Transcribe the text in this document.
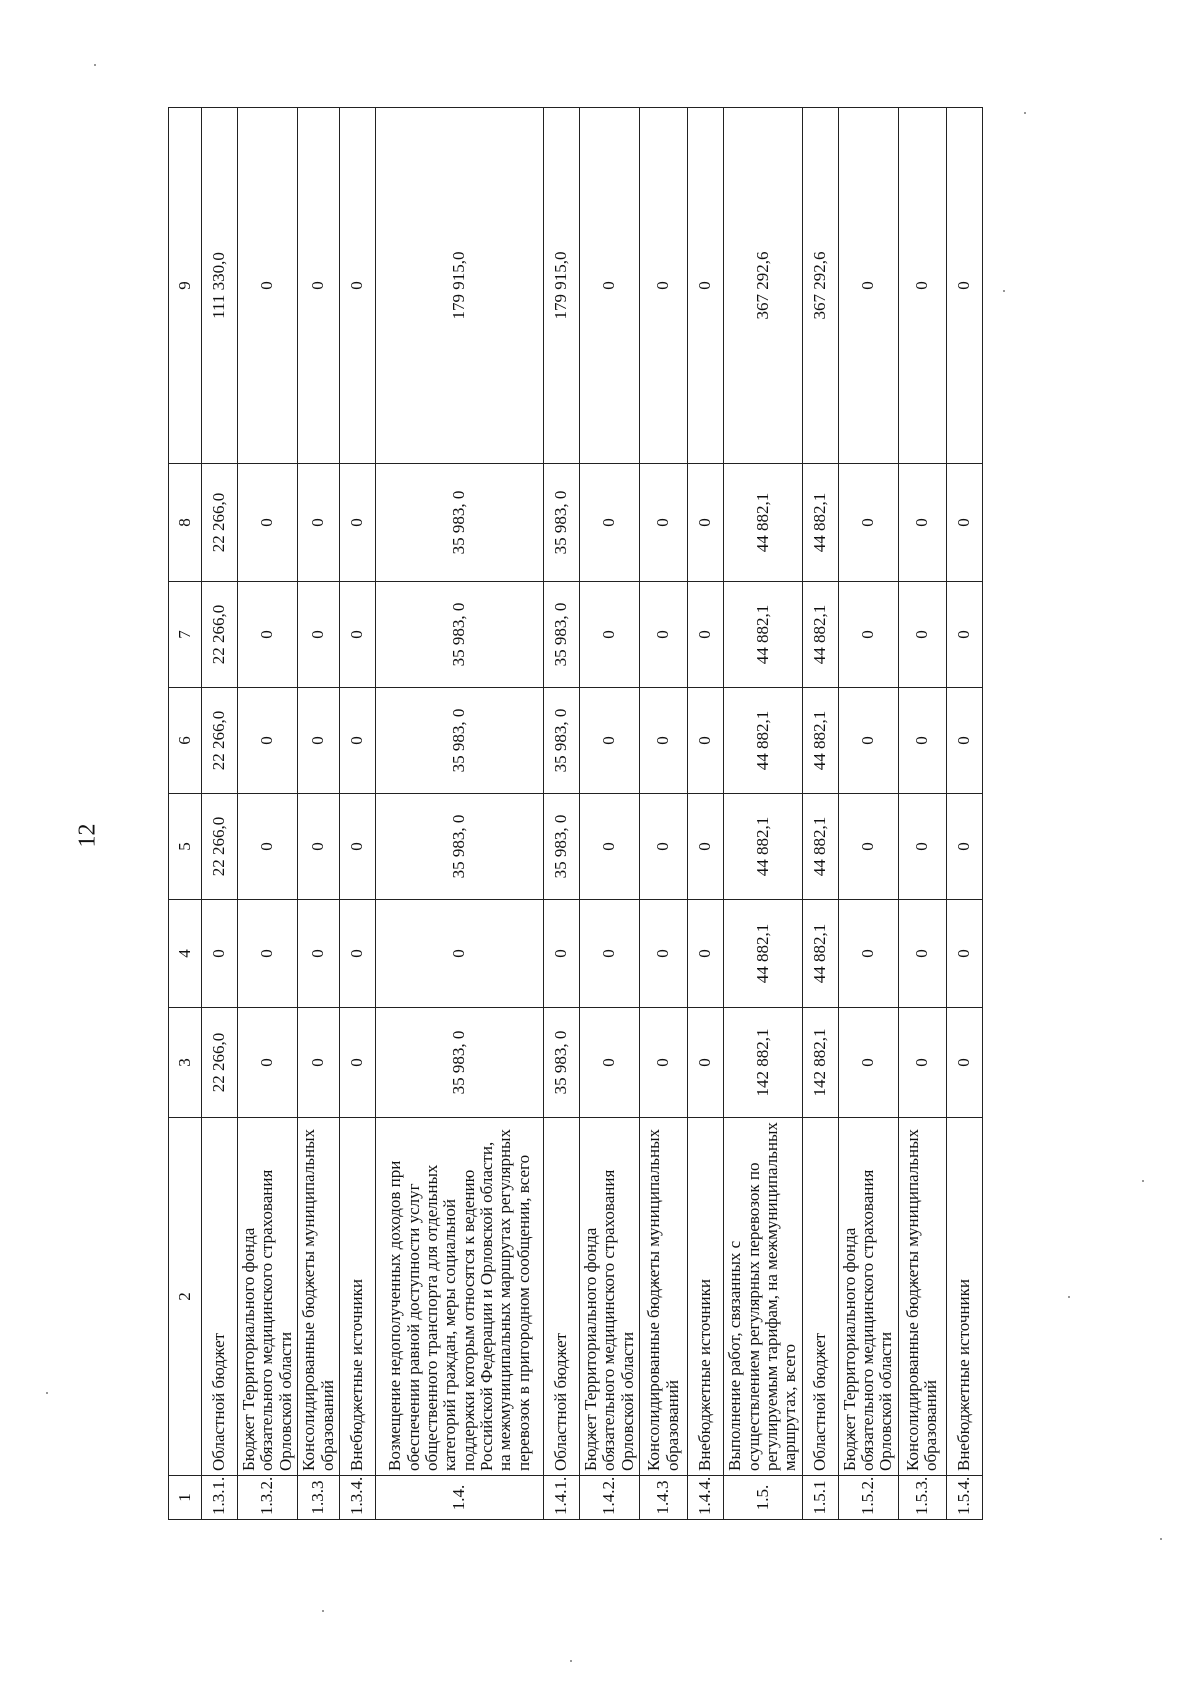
12
1	2	3	4	5	6	7	8	9
1.3.1.	Областной бюджет	22 266,0	0	22 266,0	22 266,0	22 266,0	22 266,0	111 330,0
1.3.2.	Бюджет Территориального фонда обязательного медицинского страхования Орловской области	0	0	0	0	0	0	0
1.3.3	Консолидированные бюджеты муниципальных образований	0	0	0	0	0	0	0
1.3.4.	Внебюджетные источники	0	0	0	0	0	0	0
1.4.	Возмещение недополученных доходов при обеспечении равной доступности услуг общественного транспорта для отдельных категорий граждан, меры социальной поддержки которым относятся к ведению Российской Федерации и Орловской области, на межмуниципальных маршрутах регулярных перевозок в пригородном сообщении, всего	35 983, 0	0	35 983, 0	35 983, 0	35 983, 0	35 983, 0	179 915,0
1.4.1.	Областной бюджет	35 983, 0	0	35 983, 0	35 983, 0	35 983, 0	35 983, 0	179 915,0
1.4.2.	Бюджет Территориального фонда обязательного медицинского страхования Орловской области	0	0	0	0	0	0	0
1.4.3	Консолидированные бюджеты муниципальных образований	0	0	0	0	0	0	0
1.4.4.	Внебюджетные источники	0	0	0	0	0	0	0
1.5.	Выполнение работ, связанных с осуществлением регулярных перевозок по регулируемым тарифам, на межмуниципальных маршрутах, всего	142 882,1	44 882,1	44 882,1	44 882,1	44 882,1	44 882,1	367 292,6
1.5.1	Областной бюджет	142 882,1	44 882,1	44 882,1	44 882,1	44 882,1	44 882,1	367 292,6
1.5.2.	Бюджет Территориального фонда обязательного медицинского страхования Орловской области	0	0	0	0	0	0	0
1.5.3.	Консолидированные бюджеты муниципальных образований	0	0	0	0	0	0	0
1.5.4.	Внебюджетные источники	0	0	0	0	0	0	0
